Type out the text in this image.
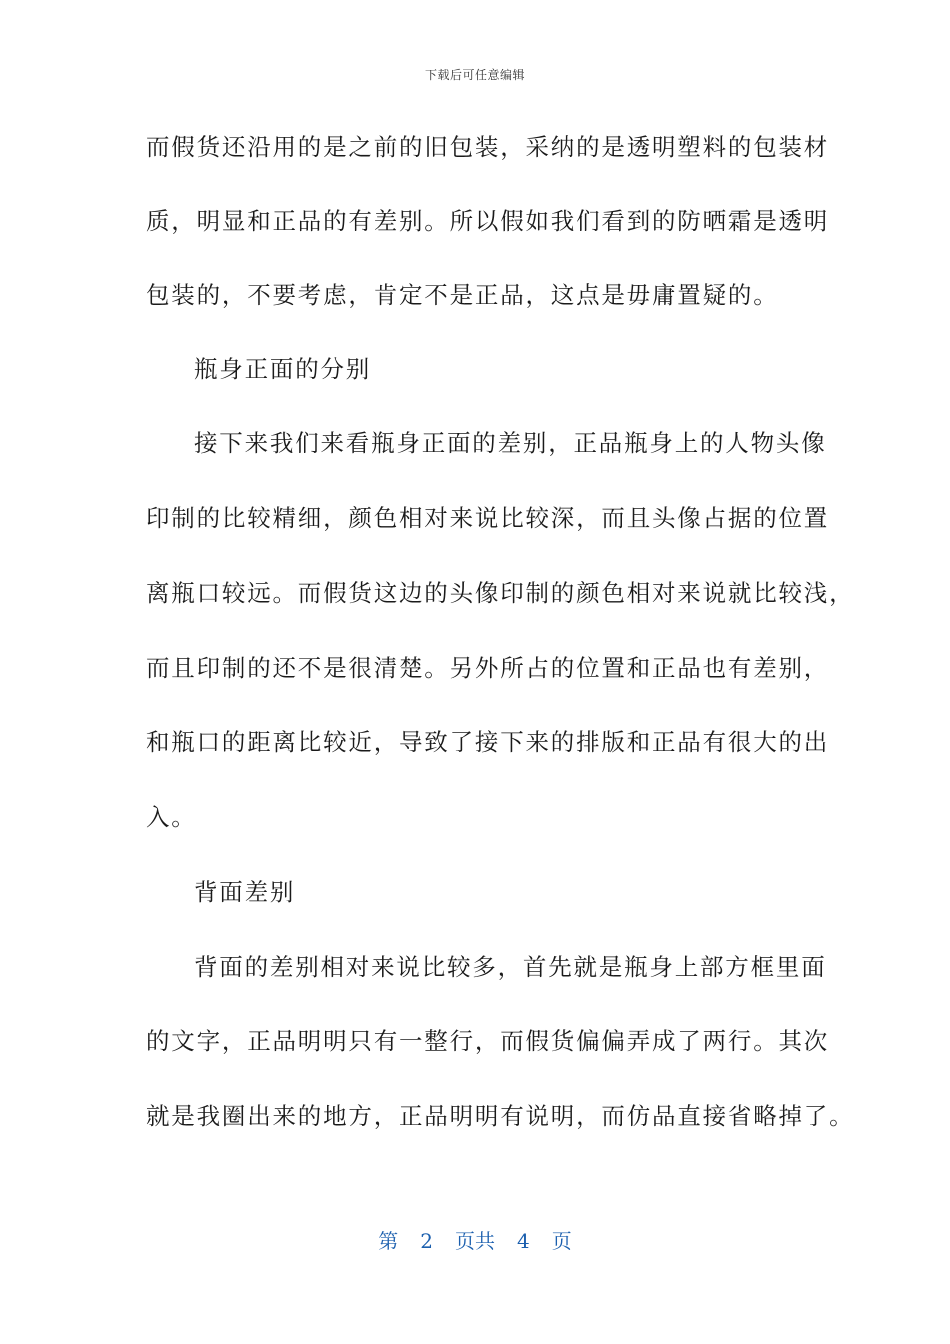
下载后可任意编辑
而假货还沿用的是之前的旧包装，采纳的是透明塑料的包装材
质，明显和正品的有差别。所以假如我们看到的防晒霜是透明
包装的，不要考虑，肯定不是正品，这点是毋庸置疑的。
瓶身正面的分别
接下来我们来看瓶身正面的差别，正品瓶身上的人物头像
印制的比较精细，颜色相对来说比较深，而且头像占据的位置
离瓶口较远。而假货这边的头像印制的颜色相对来说就比较浅，
而且印制的还不是很清楚。另外所占的位置和正品也有差别，
和瓶口的距离比较近，导致了接下来的排版和正品有很大的出
入。
背面差别
背面的差别相对来说比较多，首先就是瓶身上部方框里面
的文字，正品明明只有一整行，而假货偏偏弄成了两行。其次
就是我圈出来的地方，正品明明有说明，而仿品直接省略掉了。
第 2 页共 4 页
